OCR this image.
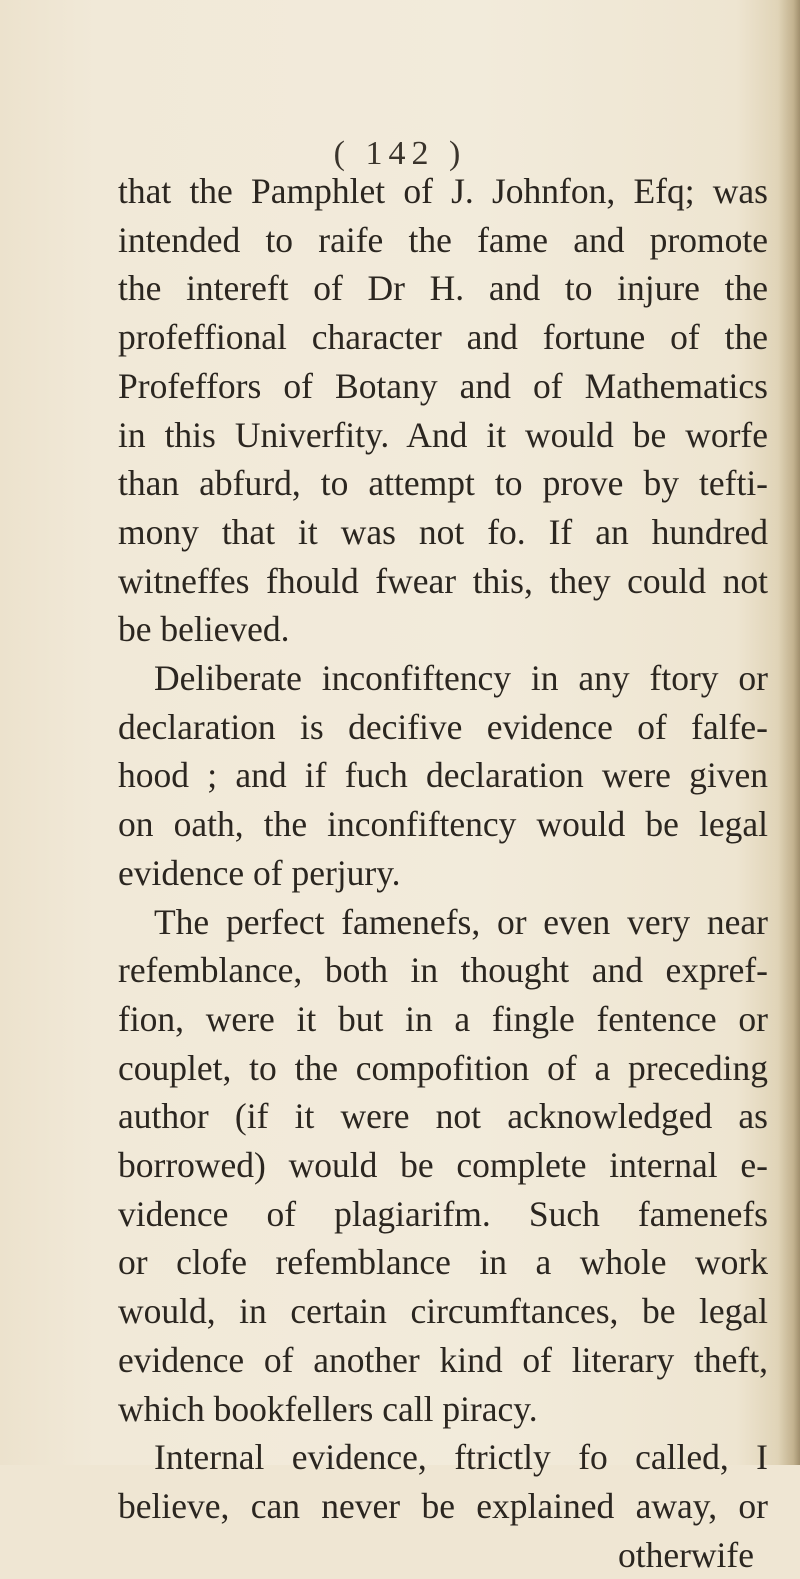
( 142 )
that the Pamphlet of J. Johnfon, Efq; was
intended to raife the fame and promote
the intereft of Dr H. and to injure the
profeffional character and fortune of the
Profeffors of Botany and of Mathematics
in this Univerfity. And it would be worfe
than abfurd, to attempt to prove by tefti-
mony that it was not fo. If an hundred
witneffes fhould fwear this, they could not
be believed.
Deliberate inconfiftency in any ftory or
declaration is decifive evidence of falfe-
hood ; and if fuch declaration were given
on oath, the inconfiftency would be legal
evidence of perjury.
The perfect famenefs, or even very near
refemblance, both in thought and expref-
fion, were it but in a fingle fentence or
couplet, to the compofition of a preceding
author (if it were not acknowledged as
borrowed) would be complete internal e-
vidence of plagiarifm. Such famenefs
or clofe refemblance in a whole work
would, in certain circumftances, be legal
evidence of another kind of literary theft,
which bookfellers call piracy.
Internal evidence, ftrictly fo called, I
believe, can never be explained away, or
otherwife
